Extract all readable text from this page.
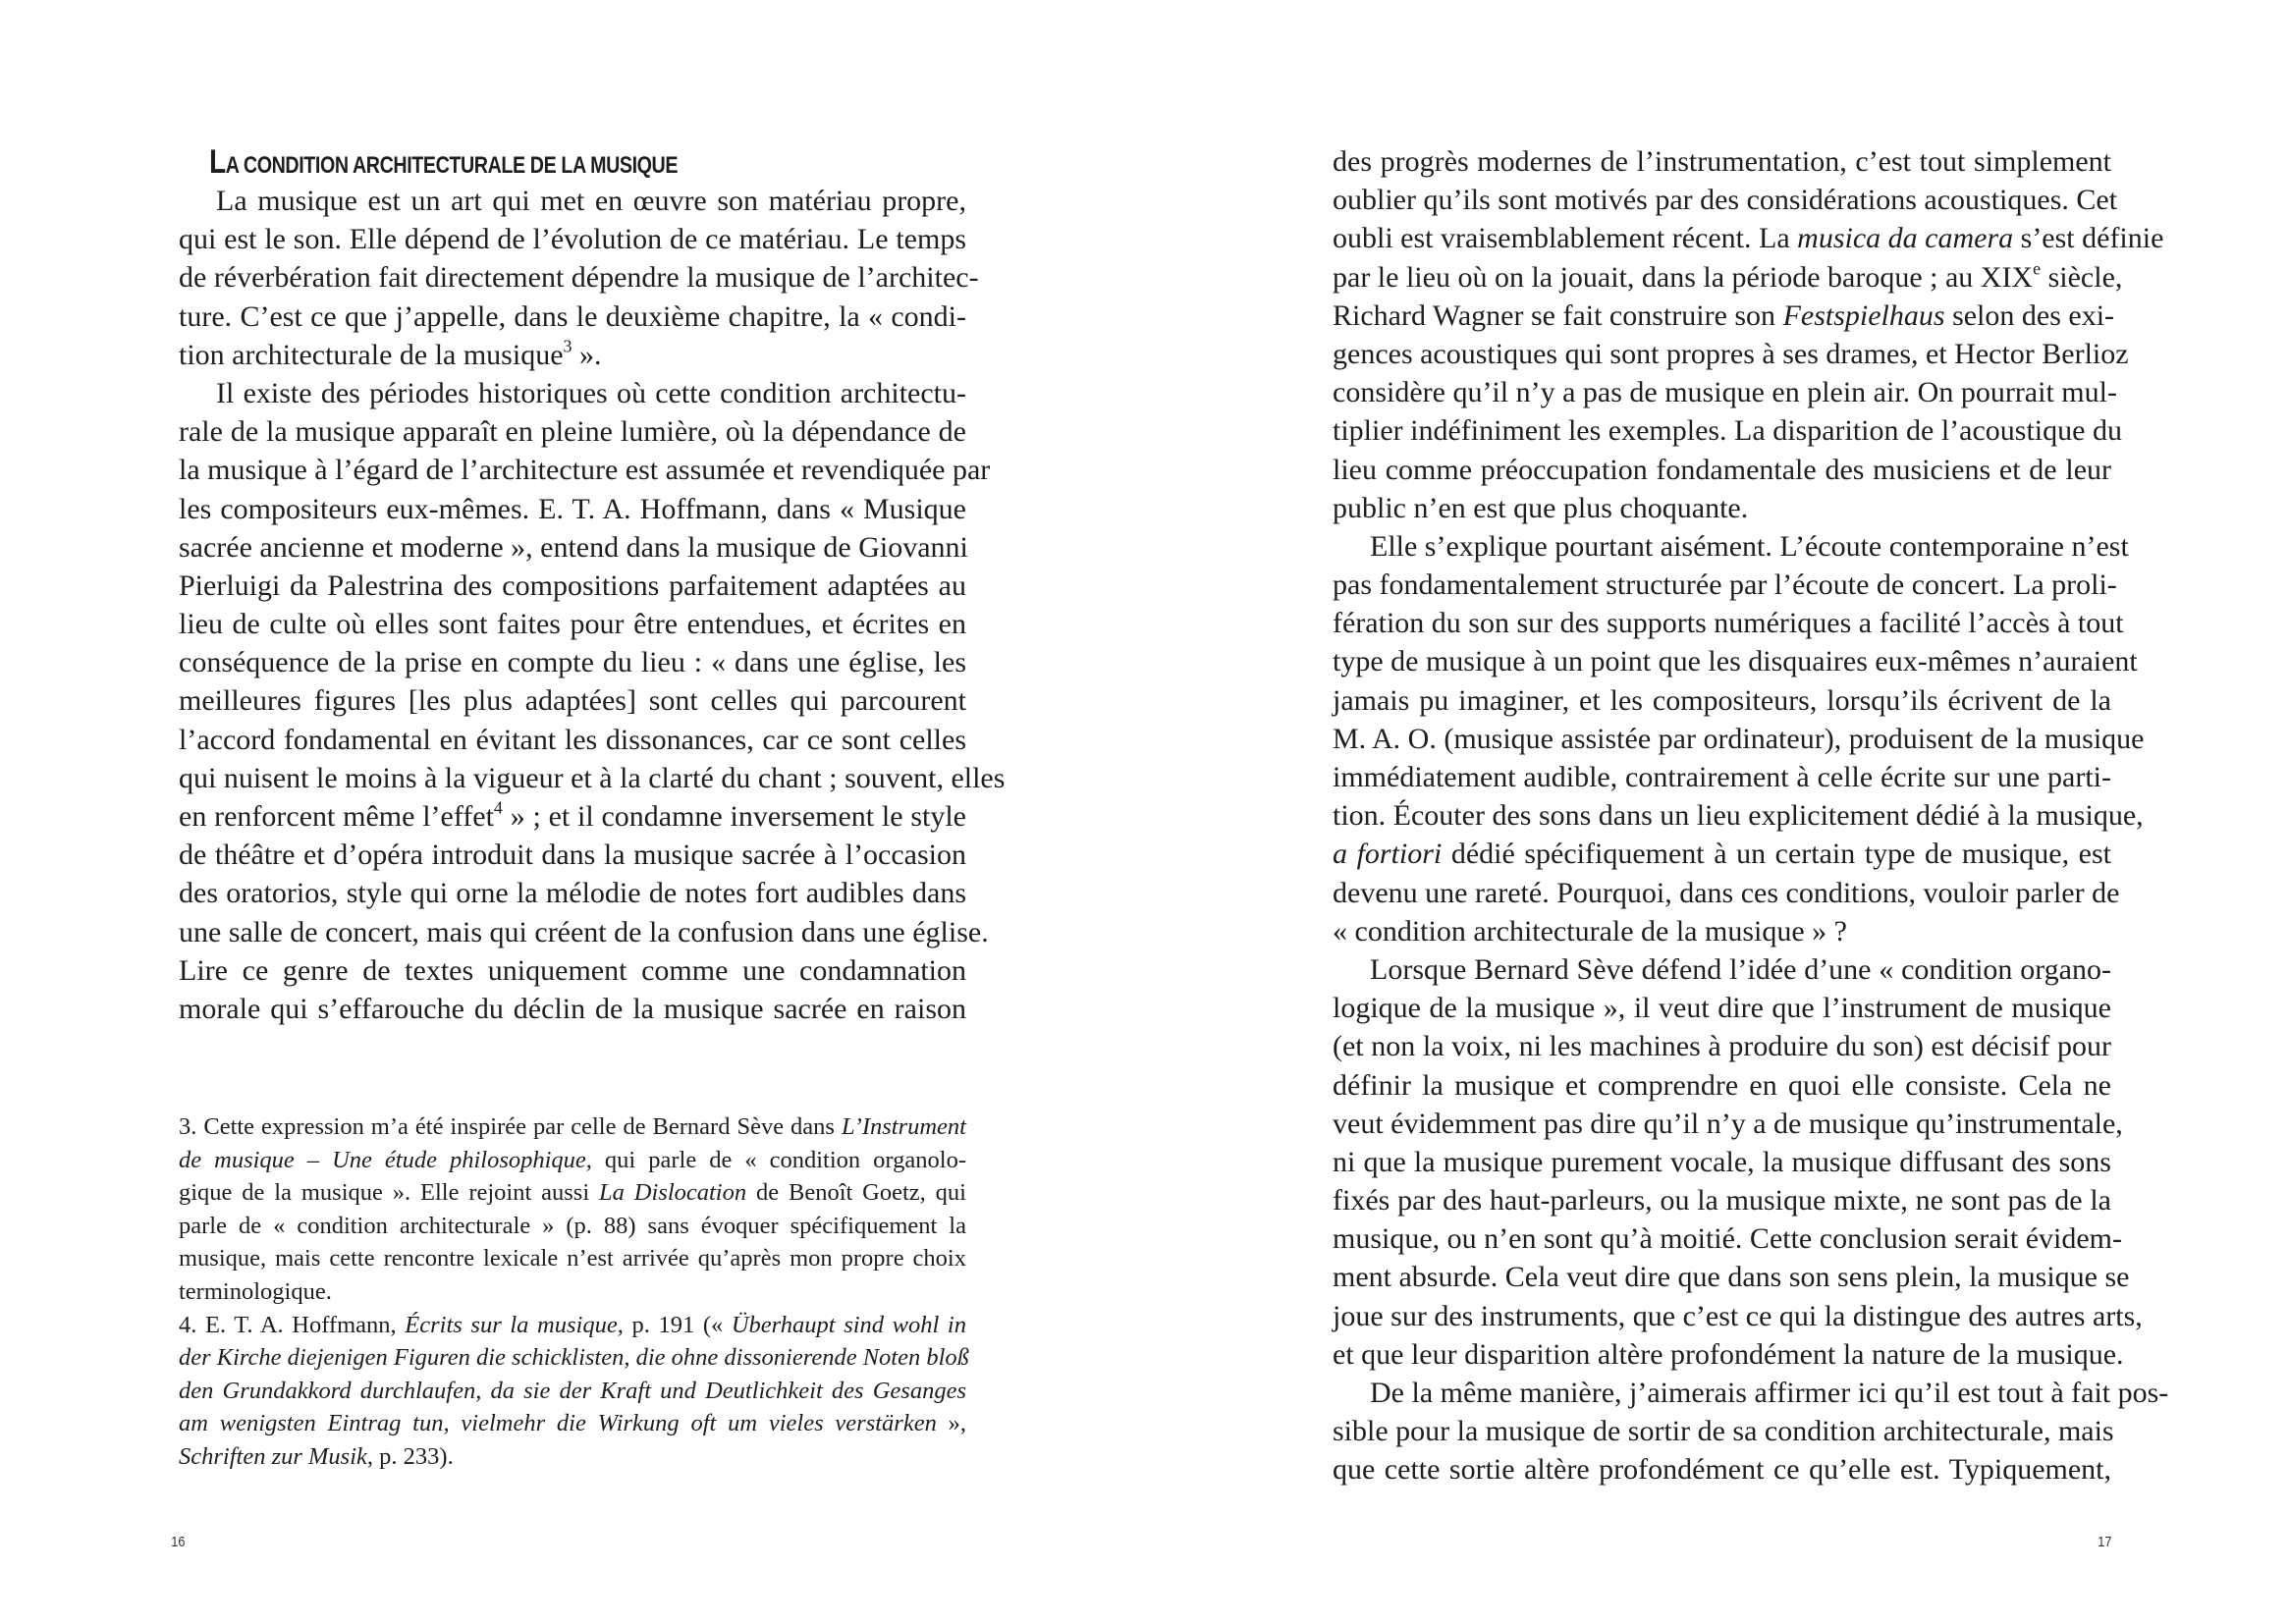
LA CONDITION ARCHITECTURALE DE LA MUSIQUE
La musique est un art qui met en œuvre son matériau propre,
qui est le son. Elle dépend de l’évolution de ce matériau. Le temps
de réverbération fait directement dépendre la musique de l’architec-
ture. C’est ce que j’appelle, dans le deuxième chapitre, la « condi-
tion architecturale de la musique$^3$ ».
Il existe des périodes historiques où cette condition architectu-
rale de la musique apparaît en pleine lumière, où la dépendance de
la musique à l’égard de l’architecture est assumée et revendiquée par
les compositeurs eux-mêmes. E. T. A. Hoffmann, dans « Musique
sacrée ancienne et moderne », entend dans la musique de Giovanni
Pierluigi da Palestrina des compositions parfaitement adaptées au
lieu de culte où elles sont faites pour être entendues, et écrites en
conséquence de la prise en compte du lieu : « dans une église, les
meilleures figures [les plus adaptées] sont celles qui parcourent
l’accord fondamental en évitant les dissonances, car ce sont celles
qui nuisent le moins à la vigueur et à la clarté du chant ; souvent, elles
en renforcent même l’effet$^4$ » ; et il condamne inversement le style
de théâtre et d’opéra introduit dans la musique sacrée à l’occasion
des oratorios, style qui orne la mélodie de notes fort audibles dans
une salle de concert, mais qui créent de la confusion dans une église.
Lire ce genre de textes uniquement comme une condamnation
morale qui s’effarouche du déclin de la musique sacrée en raison
3. Cette expression m’a été inspirée par celle de Bernard Sève dans L’Instrument
de musique – Une étude philosophique, qui parle de « condition organolo-
gique de la musique ». Elle rejoint aussi La Dislocation de Benoît Goetz, qui
parle de « condition architecturale » (p. 88) sans évoquer spécifiquement la
musique, mais cette rencontre lexicale n’est arrivée qu’après mon propre choix
terminologique.
4. E. T. A. Hoffmann, Écrits sur la musique, p. 191 (« Überhaupt sind wohl in
der Kirche diejenigen Figuren die schicklisten, die ohne dissonierende Noten bloß
den Grundakkord durchlaufen, da sie der Kraft und Deutlichkeit des Gesanges
am wenigsten Eintrag tun, vielmehr die Wirkung oft um vieles verstärken »,
Schriften zur Musik, p. 233).
16
des progrès modernes de l’instrumentation, c’est tout simplement
oublier qu’ils sont motivés par des considérations acoustiques. Cet
oubli est vraisemblablement récent. La musica da camera s’est définie
par le lieu où on la jouait, dans la période baroque ; au XIXe siècle,
Richard Wagner se fait construire son Festspielhaus selon des exi-
gences acoustiques qui sont propres à ses drames, et Hector Berlioz
considère qu’il n’y a pas de musique en plein air. On pourrait mul-
tiplier indéfiniment les exemples. La disparition de l’acoustique du
lieu comme préoccupation fondamentale des musiciens et de leur
public n’en est que plus choquante.
Elle s’explique pourtant aisément. L’écoute contemporaine n’est
pas fondamentalement structurée par l’écoute de concert. La proli-
fération du son sur des supports numériques a facilité l’accès à tout
type de musique à un point que les disquaires eux-mêmes n’auraient
jamais pu imaginer, et les compositeurs, lorsqu’ils écrivent de la
M. A. O. (musique assistée par ordinateur), produisent de la musique
immédiatement audible, contrairement à celle écrite sur une parti-
tion. Écouter des sons dans un lieu explicitement dédié à la musique,
a fortiori dédié spécifiquement à un certain type de musique, est
devenu une rareté. Pourquoi, dans ces conditions, vouloir parler de
« condition architecturale de la musique » ?
Lorsque Bernard Sève défend l’idée d’une « condition organo-
logique de la musique », il veut dire que l’instrument de musique
(et non la voix, ni les machines à produire du son) est décisif pour
définir la musique et comprendre en quoi elle consiste. Cela ne
veut évidemment pas dire qu’il n’y a de musique qu’instrumentale,
ni que la musique purement vocale, la musique diffusant des sons
fixés par des haut-parleurs, ou la musique mixte, ne sont pas de la
musique, ou n’en sont qu’à moitié. Cette conclusion serait évidem-
ment absurde. Cela veut dire que dans son sens plein, la musique se
joue sur des instruments, que c’est ce qui la distingue des autres arts,
et que leur disparition altère profondément la nature de la musique.
De la même manière, j’aimerais affirmer ici qu’il est tout à fait pos-
sible pour la musique de sortir de sa condition architecturale, mais
que cette sortie altère profondément ce qu’elle est. Typiquement,
17
